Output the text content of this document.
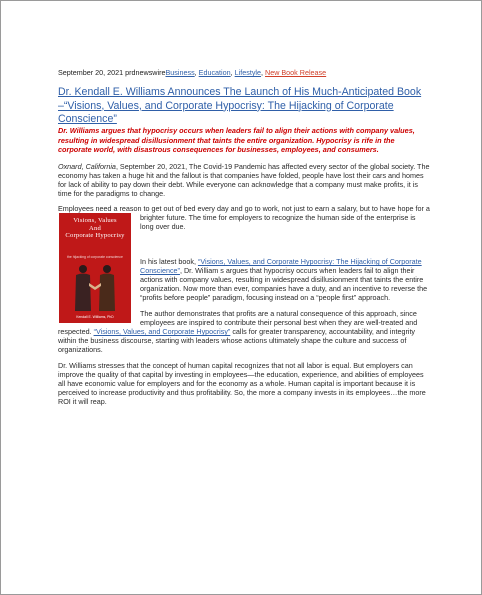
September 20, 2021 prdnewswireBusiness, Education, Lifestyle, New Book Release
Dr. Kendall E. Williams Announces The Launch of His Much-Anticipated Book –“Visions, Values, and Corporate Hypocrisy: The Hijacking of Corporate Conscience”

Dr. Williams argues that hypocrisy occurs when leaders fail to align their actions with company values, resulting in widespread disillusionment that taints the entire organization. Hypocrisy is rife in the corporate world, with disastrous consequences for businesses, employees, and consumers.

Oxnard, California, September 20, 2021, The Covid-19 Pandemic has affected every sector of the global society. The economy has taken a huge hit and the fallout is that companies have folded, people have lost their cars and homes for lack of ability to pay down their debt. While everyone can acknowledge that a company must make profits, it is time for the paradigms to change.

Employees need a reason to get out of bed every day and go to work, not just to earn a salary, but to have hope for a

brighter future. The time for employers to recognize the human side of the enterprise is long over due.

Visions, Values
And
Corporate Hypocrisy
the hijacking of corporate conscience
Kendall E. Williams, PhD

In his latest book, “Visions, Values, and Corporate Hypocrisy: The Hijacking of Corporate Conscience”, Dr. William s argues that hypocrisy occurs when leaders fail to align their actions with company values, resulting in widespread disillusionment that taints the entire organization. Now more than ever, companies have a duty, and an incentive to reverse the “profits before people” paradigm, focusing instead on a “people first” approach.

The author demonstrates that profits are a natural consequence of this approach, since employees are inspired to contribute their personal best when they are well-treated and

respected. “Visions, Values, and Corporate Hypocrisy” calls for greater transparency, accountability, and integrity within the business discourse, starting with leaders whose actions ultimately shape the culture and success of organizations.

Dr. Williams stresses that the concept of human capital recognizes that not all labor is equal. But employers can improve the quality of that capital by investing in employees—the education, experience, and abilities of employees all have economic value for employers and for the economy as a whole. Human capital is important because it is perceived to increase productivity and thus profitability. So, the more a company invests in its employees…the more ROI it will reap.
